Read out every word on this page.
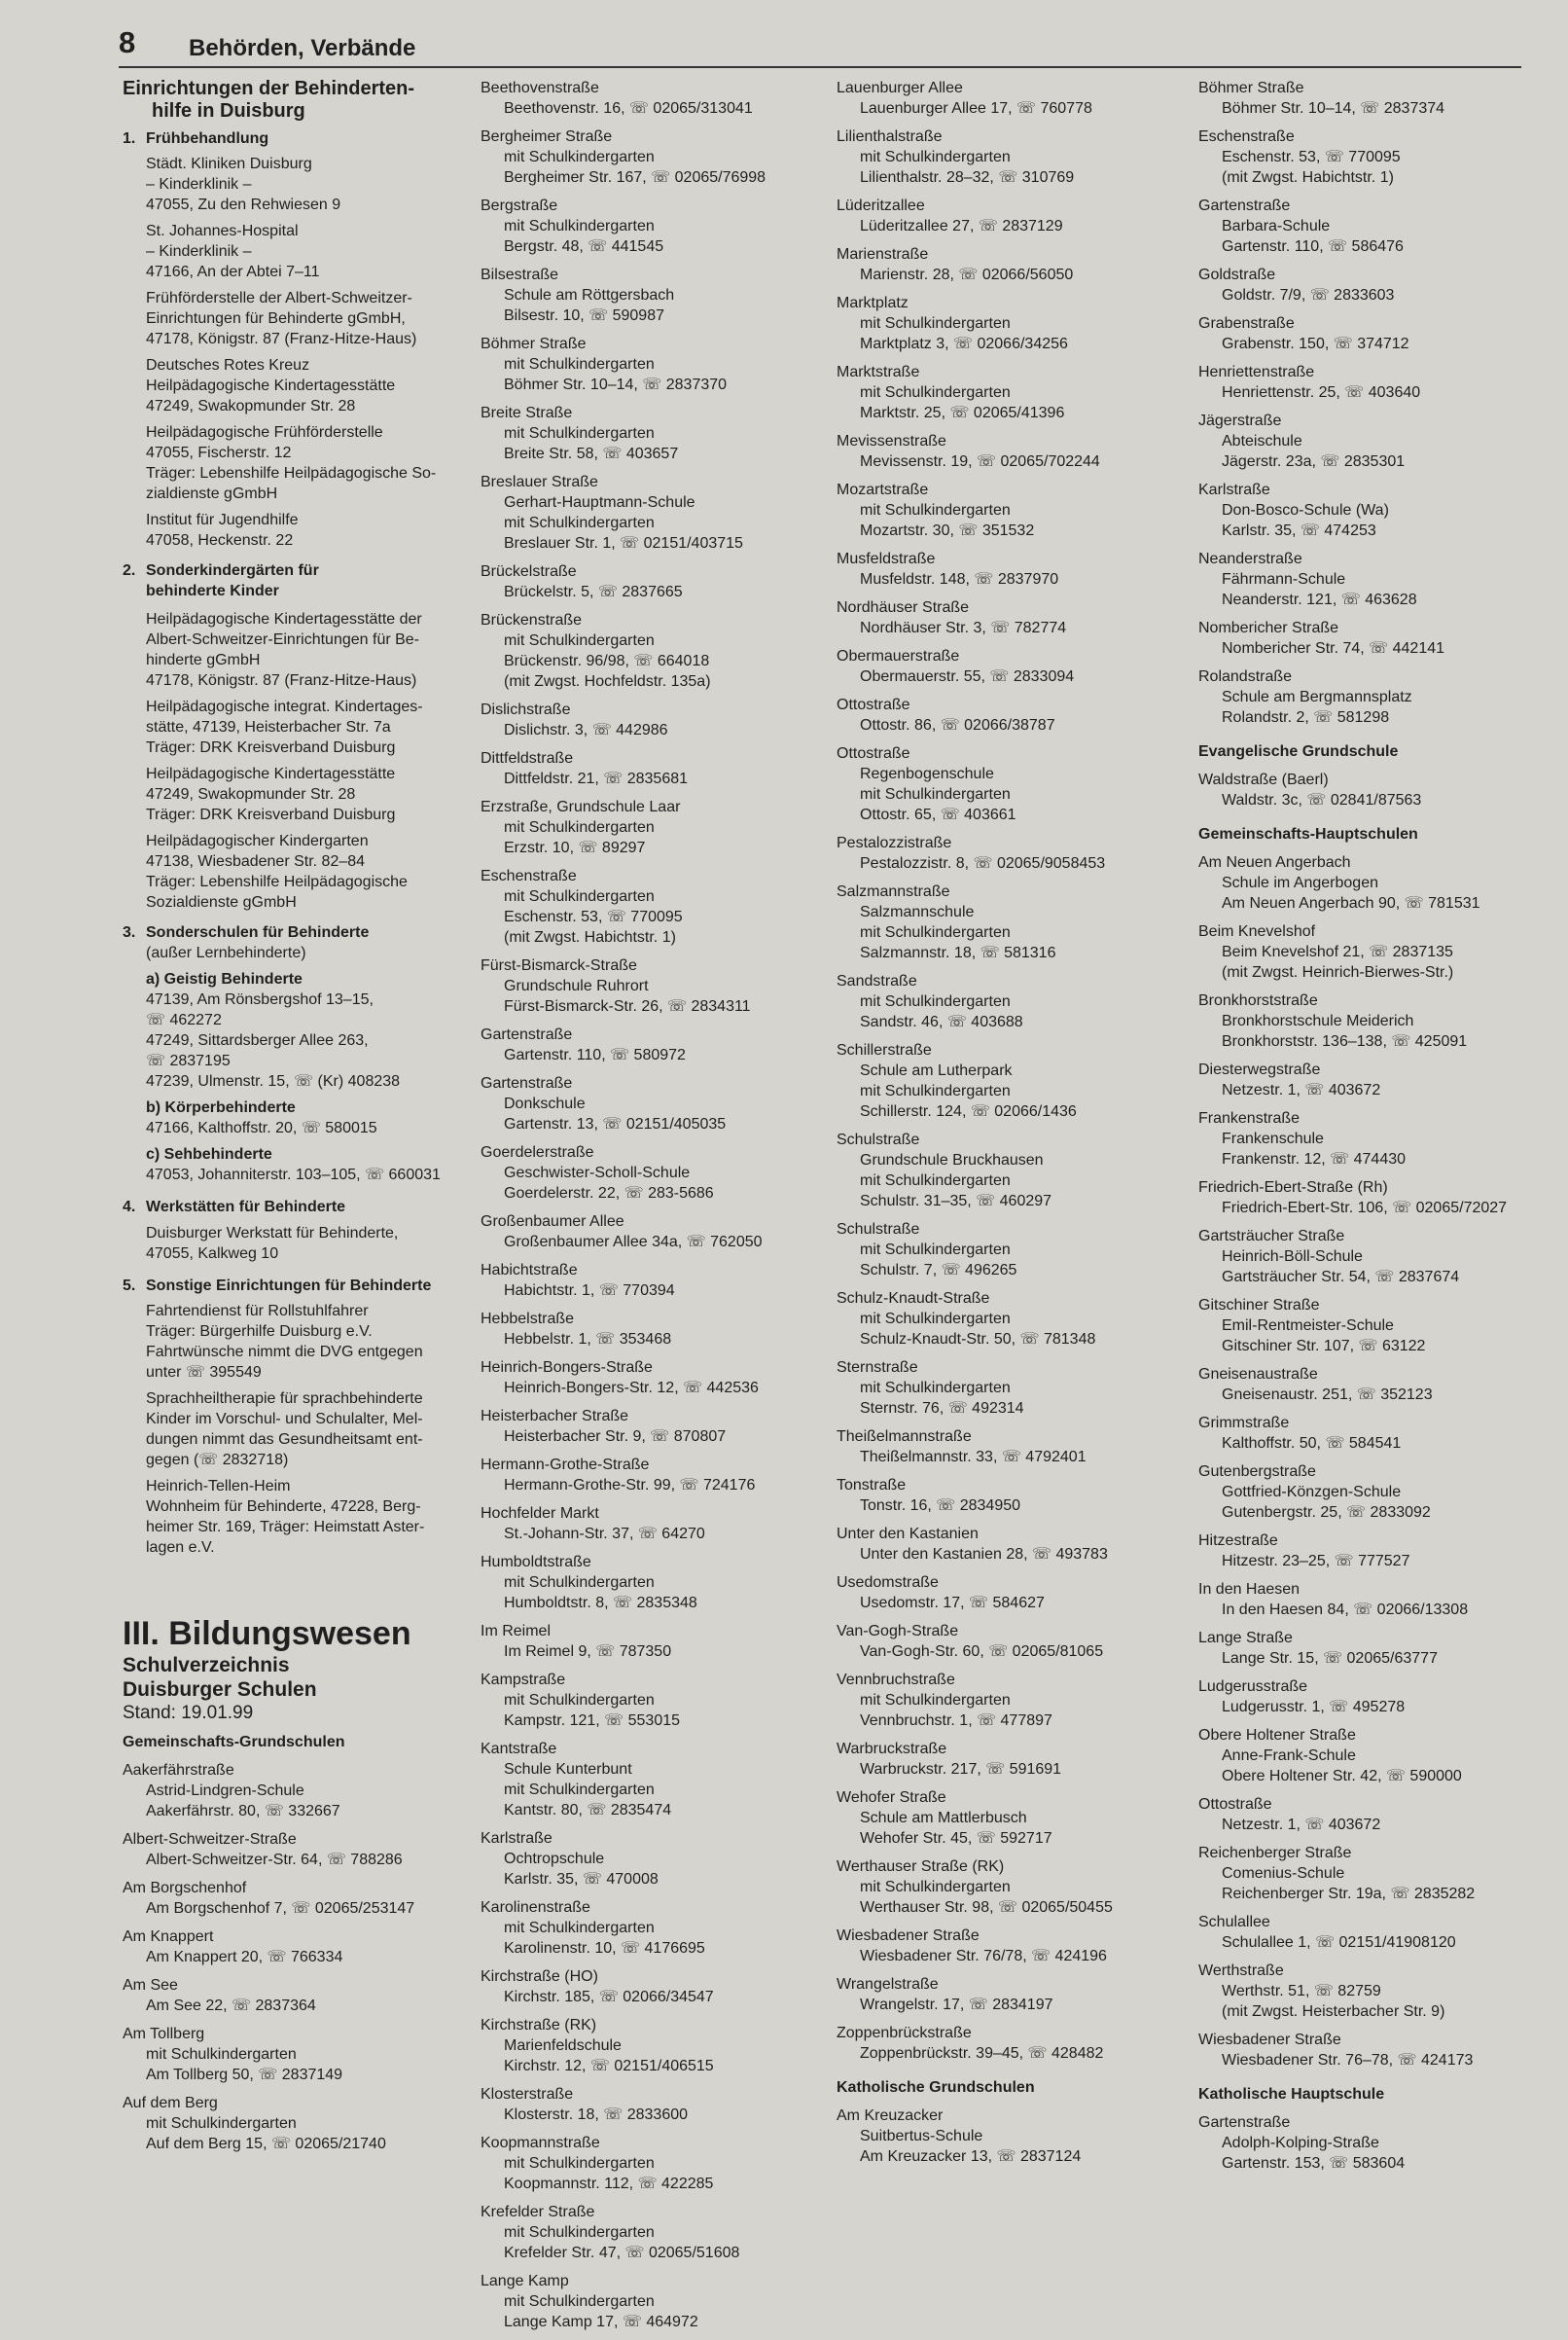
8 Behörden, Verbände
Einrichtungen der Behinderten-
hilfe in Duisburg
1. Frühbehandlung
Städt. Kliniken Duisburg
– Kinderklinik –
47055, Zu den Rehwiesen 9
St. Johannes-Hospital
– Kinderklinik –
47166, An der Abtei 7–11
Frühförderstelle der Albert-Schweitzer-
Einrichtungen für Behinderte gGmbH,
47178, Königstr. 87 (Franz-Hitze-Haus)
Deutsches Rotes Kreuz
Heilpädagogische Kindertagesstätte
47249, Swakopmunder Str. 28
Heilpädagogische Frühförderstelle
47055, Fischerstr. 12
Träger: Lebenshilfe Heilpädagogische So-
zialdienste gGmbH
Institut für Jugendhilfe
47058, Heckenstr. 22
2. Sonderkindergärten für
behinderte Kinder
Heilpädagogische Kindertagesstätte der
Albert-Schweitzer-Einrichtungen für Be-
hinderte gGmbH
47178, Königstr. 87 (Franz-Hitze-Haus)
Heilpädagogische integrat. Kindertages-
stätte, 47139, Heisterbacher Str. 7a
Träger: DRK Kreisverband Duisburg
Heilpädagogische Kindertagesstätte
47249, Swakopmunder Str. 28
Träger: DRK Kreisverband Duisburg
Heilpädagogischer Kindergarten
47138, Wiesbadener Str. 82–84
Träger: Lebenshilfe Heilpädagogische
Sozialdienste gGmbH
3. Sonderschulen für Behinderte
(außer Lernbehinderte)
a) Geistig Behinderte
47139, Am Rönsbergshof 13–15,
☏ 462272
47249, Sittardsberger Allee 263,
☏ 2837195
47239, Ulmenstr. 15, ☏ (Kr) 408238
b) Körperbehinderte
47166, Kalthoffstr. 20, ☏ 580015
c) Sehbehinderte
47053, Johanniterstr. 103–105, ☏ 660031
4. Werkstätten für Behinderte
Duisburger Werkstatt für Behinderte,
47055, Kalkweg 10
5. Sonstige Einrichtungen für Behinderte
Fahrtendienst für Rollstuhlfahrer
Träger: Bürgerhilfe Duisburg e.V.
Fahrtwünsche nimmt die DVG entgegen
unter ☏ 395549
Sprachheiltherapie für sprachbehinderte
Kinder im Vorschul- und Schulalter, Mel-
dungen nimmt das Gesundheitsamt ent-
gegen (☏ 2832718)
Heinrich-Tellen-Heim
Wohnheim für Behinderte, 47228, Berg-
heimer Str. 169, Träger: Heimstatt Aster-
lagen e.V.
III. Bildungswesen
Schulverzeichnis
Duisburger Schulen
Stand: 19.01.99
Gemeinschafts-Grundschulen
Aakerfährstraße
Astrid-Lindgren-Schule
Aakerfährstr. 80, ☏ 332667
Albert-Schweitzer-Straße
Albert-Schweitzer-Str. 64, ☏ 788286
Am Borgschenhof
Am Borgschenhof 7, ☏ 02065/253147
Am Knappert
Am Knappert 20, ☏ 766334
Am See
Am See 22, ☏ 2837364
Am Tollberg
mit Schulkindergarten
Am Tollberg 50, ☏ 2837149
Auf dem Berg
mit Schulkindergarten
Auf dem Berg 15, ☏ 02065/21740
Beethovenstraße
Beethovenstr. 16, ☏ 02065/313041
Bergheimer Straße
mit Schulkindergarten
Bergheimer Str. 167, ☏ 02065/76998
Bergstraße
mit Schulkindergarten
Bergstr. 48, ☏ 441545
Bilsestraße
Schule am Röttgersbach
Bilsestr. 10, ☏ 590987
Böhmer Straße
mit Schulkindergarten
Böhmer Str. 10–14, ☏ 2837370
Breite Straße
mit Schulkindergarten
Breite Str. 58, ☏ 403657
Breslauer Straße
Gerhart-Hauptmann-Schule
mit Schulkindergarten
Breslauer Str. 1, ☏ 02151/403715
Brückelstraße
Brückelstr. 5, ☏ 2837665
Brückenstraße
mit Schulkindergarten
Brückenstr. 96/98, ☏ 664018
(mit Zwgst. Hochfeldstr. 135a)
Dislichstraße
Dislichstr. 3, ☏ 442986
Dittfeldstraße
Dittfeldstr. 21, ☏ 2835681
Erzstraße, Grundschule Laar
mit Schulkindergarten
Erzstr. 10, ☏ 89297
Eschenstraße
mit Schulkindergarten
Eschenstr. 53, ☏ 770095
(mit Zwgst. Habichtstr. 1)
Fürst-Bismarck-Straße
Grundschule Ruhrort
Fürst-Bismarck-Str. 26, ☏ 2834311
Gartenstraße
Gartenstr. 110, ☏ 580972
Gartenstraße
Donkschule
Gartenstr. 13, ☏ 02151/405035
Goerdelerstraße
Geschwister-Scholl-Schule
Goerdelerstr. 22, ☏ 283-5686
Großenbaumer Allee
Großenbaumer Allee 34a, ☏ 762050
Habichtstraße
Habichtstr. 1, ☏ 770394
Hebbelstraße
Hebbelstr. 1, ☏ 353468
Heinrich-Bongers-Straße
Heinrich-Bongers-Str. 12, ☏ 442536
Heisterbacher Straße
Heisterbacher Str. 9, ☏ 870807
Hermann-Grothe-Straße
Hermann-Grothe-Str. 99, ☏ 724176
Hochfelder Markt
St.-Johann-Str. 37, ☏ 64270
Humboldtstraße
mit Schulkindergarten
Humboldtstr. 8, ☏ 2835348
Im Reimel
Im Reimel 9, ☏ 787350
Kampstraße
mit Schulkindergarten
Kampstr. 121, ☏ 553015
Kantstraße
Schule Kunterbunt
mit Schulkindergarten
Kantstr. 80, ☏ 2835474
Karlstraße
Ochtropschule
Karlstr. 35, ☏ 470008
Karolinenstraße
mit Schulkindergarten
Karolinenstr. 10, ☏ 4176695
Kirchstraße (HO)
Kirchstr. 185, ☏ 02066/34547
Kirchstraße (RK)
Marienfeldschule
Kirchstr. 12, ☏ 02151/406515
Klosterstraße
Klosterstr. 18, ☏ 2833600
Koopmannstraße
mit Schulkindergarten
Koopmannstr. 112, ☏ 422285
Krefelder Straße
mit Schulkindergarten
Krefelder Str. 47, ☏ 02065/51608
Lange Kamp
mit Schulkindergarten
Lange Kamp 17, ☏ 464972
Lauenburger Allee
Lauenburger Allee 17, ☏ 760778
Lilienthalstraße
mit Schulkindergarten
Lilienthalstr. 28–32, ☏ 310769
Lüderitzallee
Lüderitzallee 27, ☏ 2837129
Marienstraße
Marienstr. 28, ☏ 02066/56050
Marktplatz
mit Schulkindergarten
Marktplatz 3, ☏ 02066/34256
Marktstraße
mit Schulkindergarten
Marktstr. 25, ☏ 02065/41396
Mevissenstraße
Mevissenstr. 19, ☏ 02065/702244
Mozartstraße
mit Schulkindergarten
Mozartstr. 30, ☏ 351532
Musfeldstraße
Musfeldstr. 148, ☏ 2837970
Nordhäuser Straße
Nordhäuser Str. 3, ☏ 782774
Obermauerstraße
Obermauerstr. 55, ☏ 2833094
Ottostraße
Ottostr. 86, ☏ 02066/38787
Ottostraße
Regenbogenschule
mit Schulkindergarten
Ottostr. 65, ☏ 403661
Pestalozzistraße
Pestalozzistr. 8, ☏ 02065/9058453
Salzmannstraße
Salzmannschule
mit Schulkindergarten
Salzmannstr. 18, ☏ 581316
Sandstraße
mit Schulkindergarten
Sandstr. 46, ☏ 403688
Schillerstraße
Schule am Lutherpark
mit Schulkindergarten
Schillerstr. 124, ☏ 02066/1436
Schulstraße
Grundschule Bruckhausen
mit Schulkindergarten
Schulstr. 31–35, ☏ 460297
Schulstraße
mit Schulkindergarten
Schulstr. 7, ☏ 496265
Schulz-Knaudt-Straße
mit Schulkindergarten
Schulz-Knaudt-Str. 50, ☏ 781348
Sternstraße
mit Schulkindergarten
Sternstr. 76, ☏ 492314
Theißelmannstraße
Theißelmannstr. 33, ☏ 4792401
Tonstraße
Tonstr. 16, ☏ 2834950
Unter den Kastanien
Unter den Kastanien 28, ☏ 493783
Usedomstraße
Usedomstr. 17, ☏ 584627
Van-Gogh-Straße
Van-Gogh-Str. 60, ☏ 02065/81065
Vennbruchstraße
mit Schulkindergarten
Vennbruchstr. 1, ☏ 477897
Warbruckstraße
Warbruckstr. 217, ☏ 591691
Wehofer Straße
Schule am Mattlerbusch
Wehofer Str. 45, ☏ 592717
Werthauser Straße (RK)
mit Schulkindergarten
Werthauser Str. 98, ☏ 02065/50455
Wiesbadener Straße
Wiesbadener Str. 76/78, ☏ 424196
Wrangelstraße
Wrangelstr. 17, ☏ 2834197
Zoppenbrückstraße
Zoppenbrückstr. 39–45, ☏ 428482
Katholische Grundschulen
Am Kreuzacker
Suitbertus-Schule
Am Kreuzacker 13, ☏ 2837124
Böhmer Straße
Böhmer Str. 10–14, ☏ 2837374
Eschenstraße
Eschenstr. 53, ☏ 770095
(mit Zwgst. Habichtstr. 1)
Gartenstraße
Barbara-Schule
Gartenstr. 110, ☏ 586476
Goldstraße
Goldstr. 7/9, ☏ 2833603
Grabenstraße
Grabenstr. 150, ☏ 374712
Henriettenstraße
Henriettenstr. 25, ☏ 403640
Jägerstraße
Abteischule
Jägerstr. 23a, ☏ 2835301
Karlstraße
Don-Bosco-Schule (Wa)
Karlstr. 35, ☏ 474253
Neanderstraße
Fährmann-Schule
Neanderstr. 121, ☏ 463628
Nombericher Straße
Nombericher Str. 74, ☏ 442141
Rolandstraße
Schule am Bergmannsplatz
Rolandstr. 2, ☏ 581298
Evangelische Grundschule
Waldstraße (Baerl)
Waldstr. 3c, ☏ 02841/87563
Gemeinschafts-Hauptschulen
Am Neuen Angerbach
Schule im Angerbogen
Am Neuen Angerbach 90, ☏ 781531
Beim Knevelshof
Beim Knevelshof 21, ☏ 2837135
(mit Zwgst. Heinrich-Bierwes-Str.)
Bronkhorststraße
Bronkhorstschule Meiderich
Bronkhorststr. 136–138, ☏ 425091
Diesterwegstraße
Netzestr. 1, ☏ 403672
Frankenstraße
Frankenschule
Frankenstr. 12, ☏ 474430
Friedrich-Ebert-Straße (Rh)
Friedrich-Ebert-Str. 106, ☏ 02065/72027
Gartsträucher Straße
Heinrich-Böll-Schule
Gartsträucher Str. 54, ☏ 2837674
Gitschiner Straße
Emil-Rentmeister-Schule
Gitschiner Str. 107, ☏ 63122
Gneisenaustraße
Gneisenaustr. 251, ☏ 352123
Grimmstraße
Kalthoffstr. 50, ☏ 584541
Gutenbergstraße
Gottfried-Könzgen-Schule
Gutenbergstr. 25, ☏ 2833092
Hitzestraße
Hitzestr. 23–25, ☏ 777527
In den Haesen
In den Haesen 84, ☏ 02066/13308
Lange Straße
Lange Str. 15, ☏ 02065/63777
Ludgerusstraße
Ludgerusstr. 1, ☏ 495278
Obere Holtener Straße
Anne-Frank-Schule
Obere Holtener Str. 42, ☏ 590000
Ottostraße
Netzestr. 1, ☏ 403672
Reichenberger Straße
Comenius-Schule
Reichenberger Str. 19a, ☏ 2835282
Schulallee
Schulallee 1, ☏ 02151/41908120
Werthstraße
Werthstr. 51, ☏ 82759
(mit Zwgst. Heisterbacher Str. 9)
Wiesbadener Straße
Wiesbadener Str. 76–78, ☏ 424173
Katholische Hauptschule
Gartenstraße
Adolph-Kolping-Straße
Gartenstr. 153, ☏ 583604
